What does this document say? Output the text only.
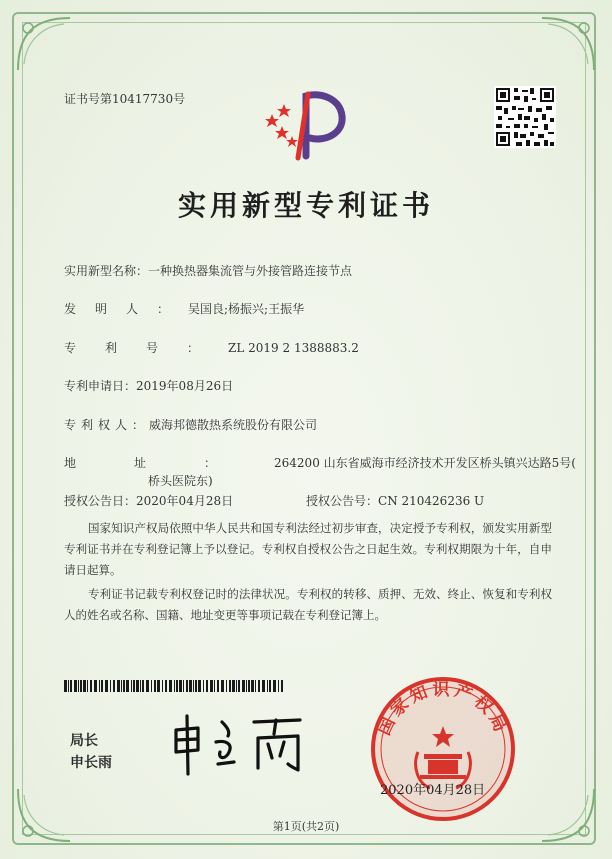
证书号第10417730号
实用新型专利证书
实用新型名称：一种换热器集流管与外接管路连接节点
发明人：吴国良;杨振兴;王振华
专利号：ZL 2019 2 1388883.2
专利申请日：2019年08月26日
专利权人：威海邦德散热系统股份有限公司
地址：264200 山东省威海市经济技术开发区桥头镇兴达路5号(
桥头医院东)
授权公告日：2020年04月28日	授权公告号：CN 210426236 U
国家知识产权局依照中华人民共和国专利法经过初步审查，决定授予专利权，颁发实用新型专利证书并在专利登记簿上予以登记。专利权自授权公告之日起生效。专利权期限为十年，自申请日起算。
专利证书记载专利权登记时的法律状况。专利权的转移、质押、无效、终止、恢复和专利权人的姓名或名称、国籍、地址变更等事项记载在专利登记簿上。
局长
申长雨
国家知识产权局
2020年04月28日
第1页(共2页)
